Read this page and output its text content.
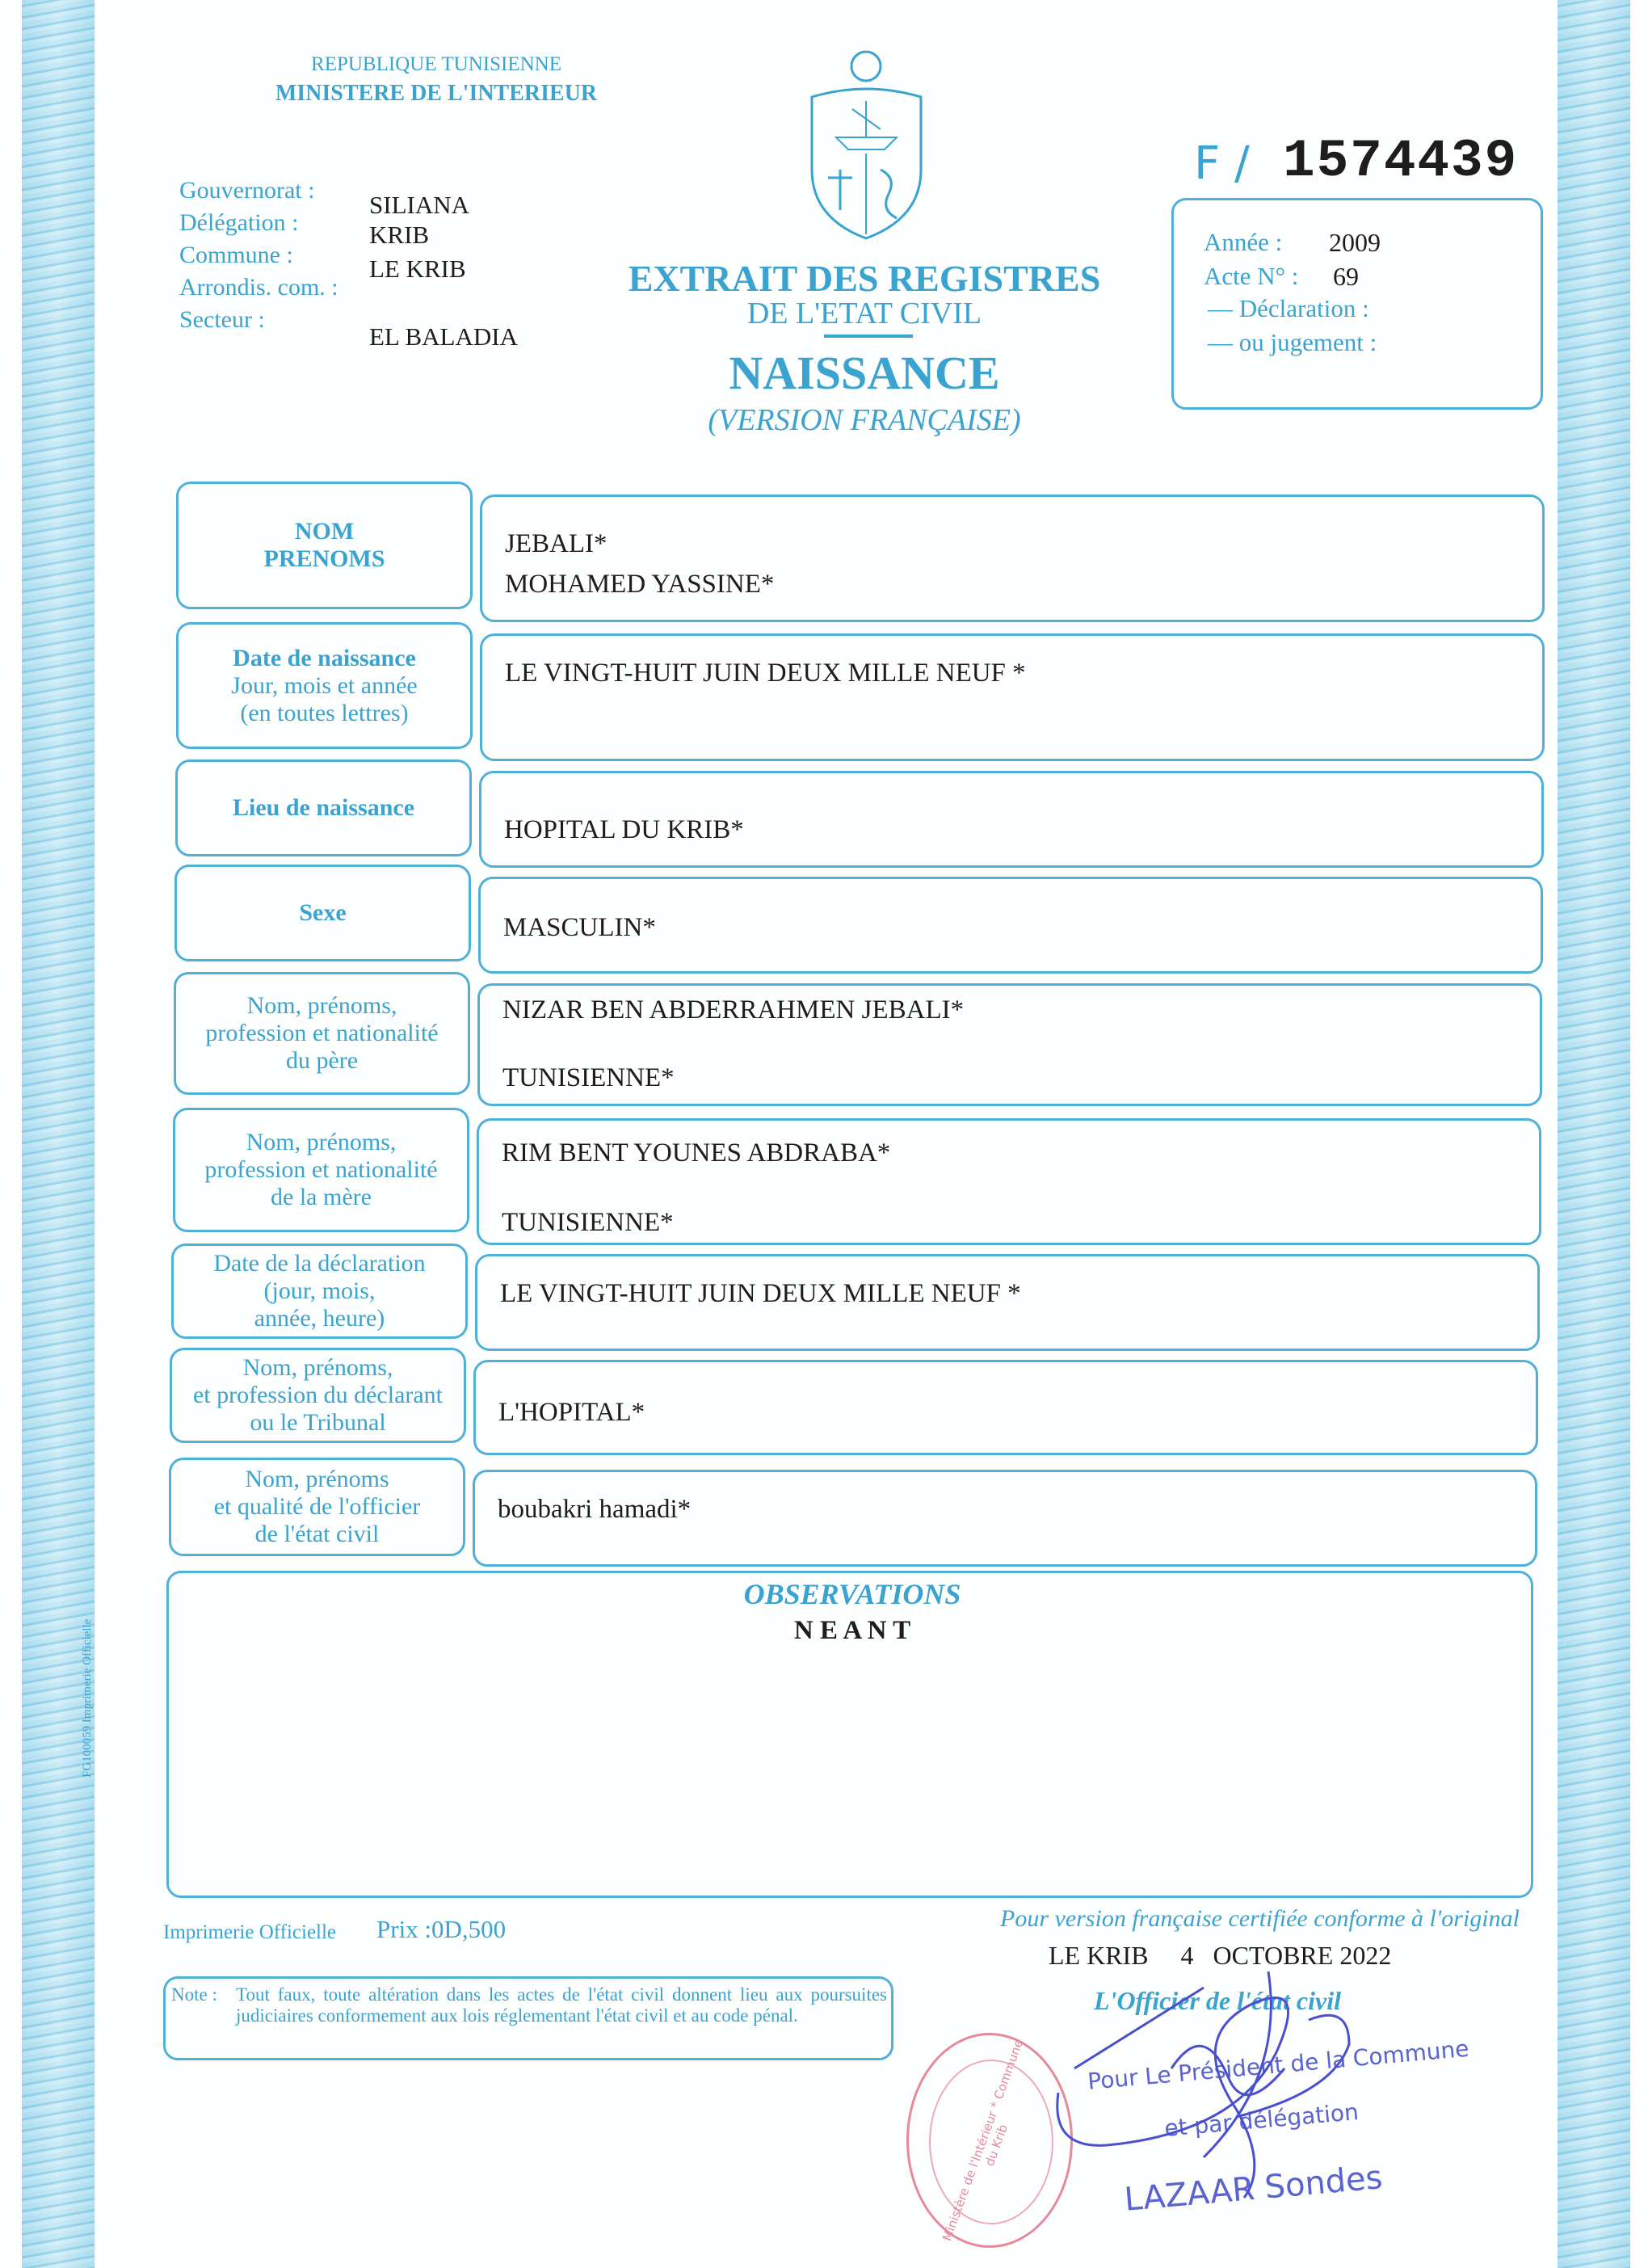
REPUBLIQUE TUNISIENNE
MINISTERE DE L'INTERIEUR
F / 1574439
Gouvernorat :
Délégation :
Commune :
Arrondis. com. :
Secteur :
SILIANA
KRIB
LE KRIB
EL BALADIA
EXTRAIT DES REGISTRES
DE L'ETAT CIVIL
NAISSANCE
(VERSION FRANÇAISE)
Année : 2009
Acte N° : 69
— Déclaration :
— ou jugement :
NOM
PRENOMS
JEBALI*
MOHAMED YASSINE*
Date de naissance
Jour, mois et année
(en toutes lettres)
LE VINGT-HUIT JUIN DEUX MILLE NEUF *
Lieu de naissance
HOPITAL DU KRIB*
Sexe
MASCULIN*
Nom, prénoms,
profession et nationalité
du père
NIZAR BEN ABDERRAHMEN JEBALI*
TUNISIENNE*
Nom, prénoms,
profession et nationalité
de la mère
RIM BENT YOUNES ABDRABA*
TUNISIENNE*
Date de la déclaration
(jour, mois,
année, heure)
LE VINGT-HUIT JUIN DEUX MILLE NEUF *
Nom, prénoms,
et profession du déclarant
ou le Tribunal	L'HOPITAL*
Nom, prénoms
et qualité de l'officier
de l'état civil
boubakri hamadi*
OBSERVATIONS
N E A N T
FG100059 Imprimerie Officielle
Imprimerie Officielle Prix :0D,500
Note : Tout faux, toute altération dans les actes de l'état civil donnent lieu aux poursuites judiciaires conformement aux lois réglementant l'état civil et au code pénal.
Pour version française certifiée conforme à l'original
LE KRIB     4   OCTOBRE 2022
L'Officier de l'état civil
Ministère de l'Intérieur * Commune du Krib
Pour Le Président de la Commune
et par délégation
LAZAAR Sondes
